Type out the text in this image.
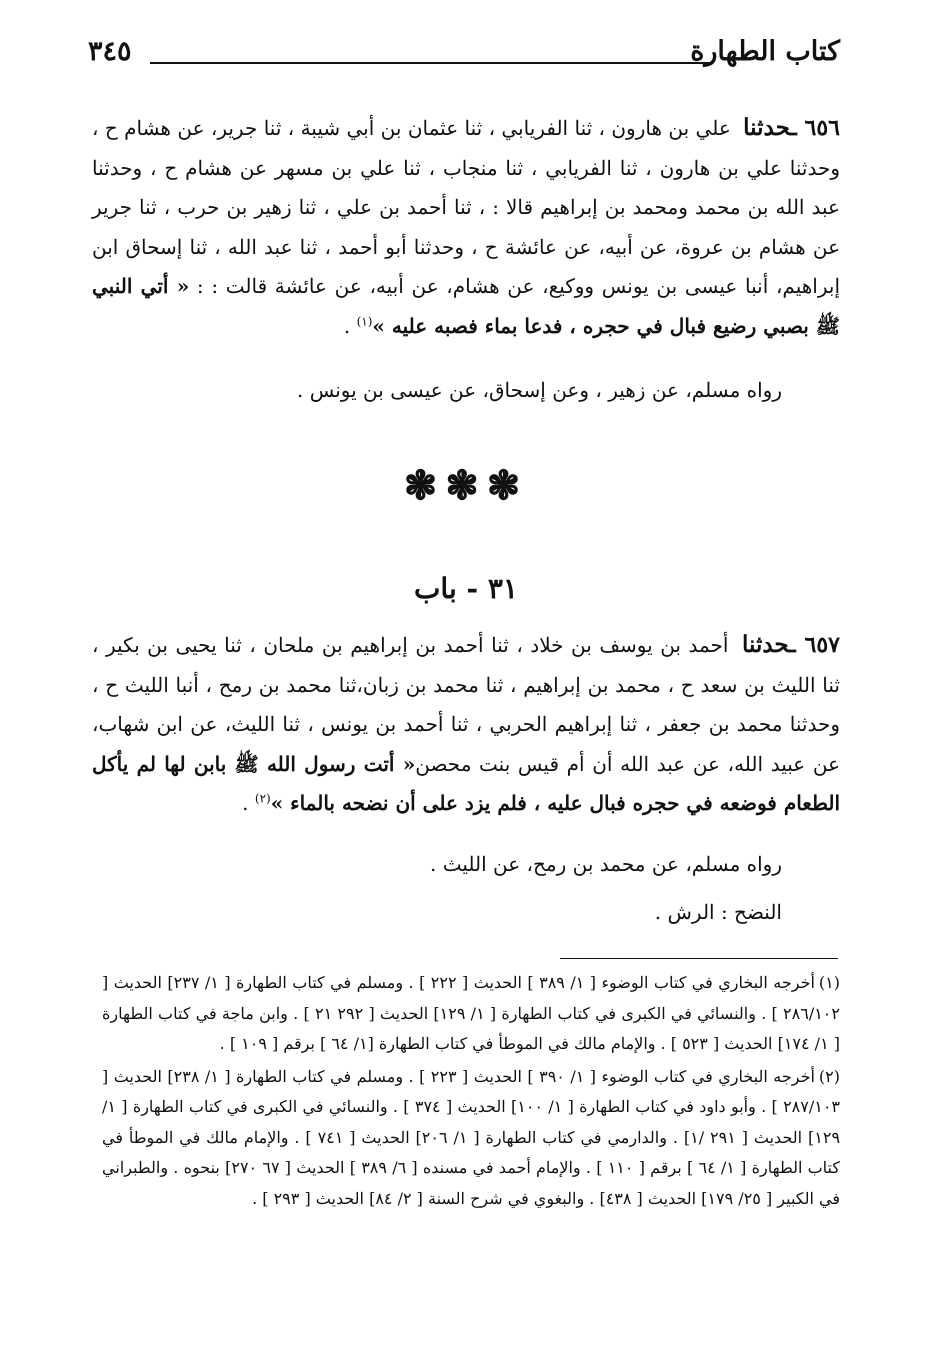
كتاب الطهارة
٣٤٥

٦٥٦ ـحدثنا علي بن هارون ، ثنا الفريابي ، ثنا عثمان بن أبي شيبة ، ثنا جرير، عن هشام ح ، وحدثنا علي بن هارون ، ثنا الفريابي ، ثنا منجاب ، ثنا علي بن مسهر عن هشام ح ، وحدثنا عبد الله بن محمد ومحمد بن إبراهيم قالا : ، ثنا أحمد بن علي ، ثنا زهير بن حرب ، ثنا جرير عن هشام بن عروة، عن أبيه، عن عائشة ح ، وحدثنا أبو أحمد ، ثنا عبد الله ، ثنا إسحاق ابن إبراهيم، أنبا عيسى بن يونس ووكيع، عن هشام، عن أبيه، عن عائشة قالت : : « أتي النبي ﷺ بصبي رضيع فبال في حجره ، فدعا بماء فصبه عليه »$^{(١)}$ .

رواه مسلم، عن زهير ، وعن إسحاق، عن عيسى بن يونس .
❃❃❃
٣١ - باب

٦٥٧ ـحدثنا أحمد بن يوسف بن خلاد ، ثنا أحمد بن إبراهيم بن ملحان ، ثنا يحيى بن بكير ، ثنا الليث بن سعد ح ، محمد بن إبراهيم ، ثنا محمد بن زبان،ثنا محمد بن رمح ، أنبا الليث ح ، وحدثنا محمد بن جعفر ، ثنا إبراهيم الحربي ، ثنا أحمد بن يونس ، ثنا الليث، عن ابن شهاب، عن عبيد الله، عن عبد الله أن أم قيس بنت محصن« أتت رسول الله ﷺ بابن لها لم يأكل الطعام فوضعه في حجره فبال عليه ، فلم يزد على أن نضحه بالماء »$^{(٢)}$ .

رواه مسلم، عن محمد بن رمح، عن الليث .
النضح : الرش .

(١)أخرجه البخاري في كتاب الوضوء [ ١/ ٣٨٩ ] الحديث [ ٢٢٢ ] . ومسلم في كتاب الطهارة [ ١/ ٢٣٧] الحديث [ ٢٨٦/١٠٢ ] . والنسائي في الكبرى في كتاب الطهارة [ ١/ ١٢٩] الحديث [ ٢٩٢ ٢١ ] . وابن ماجة في كتاب الطهارة [ ١/ ١٧٤] الحديث [ ٥٢٣ ] . والإمام مالك في الموطأ في كتاب الطهارة [١/ ٦٤ ] برقم [ ١٠٩ ] .

(٢)أخرجه البخاري في كتاب الوضوء [ ١/ ٣٩٠ ] الحديث [ ٢٢٣ ] . ومسلم في كتاب الطهارة [ ١/ ٢٣٨] الحديث [ ٢٨٧/١٠٣ ] . وأبو داود في كتاب الطهارة [ ١/ ١٠٠] الحديث [ ٣٧٤ ] . والنسائي في الكبرى في كتاب الطهارة [ ١/ ١٢٩] الحديث [ ٢٩١ /١] . والدارمي في كتاب الطهارة [ ١/ ٢٠٦] الحديث [ ٧٤١ ] . والإمام مالك في الموطأ في كتاب الطهارة [ ١/ ٦٤ ] برقم [ ١١٠ ] . والإمام أحمد في مسنده [ ٦/ ٣٨٩ ] الحديث [ ٦٧ ٢٧٠] بنحوه . والطبراني في الكبير [ ٢٥/ ١٧٩] الحديث [ ٤٣٨] . والبغوي في شرح السنة [ ٢/ ٨٤] الحديث [ ٢٩٣ ] .
